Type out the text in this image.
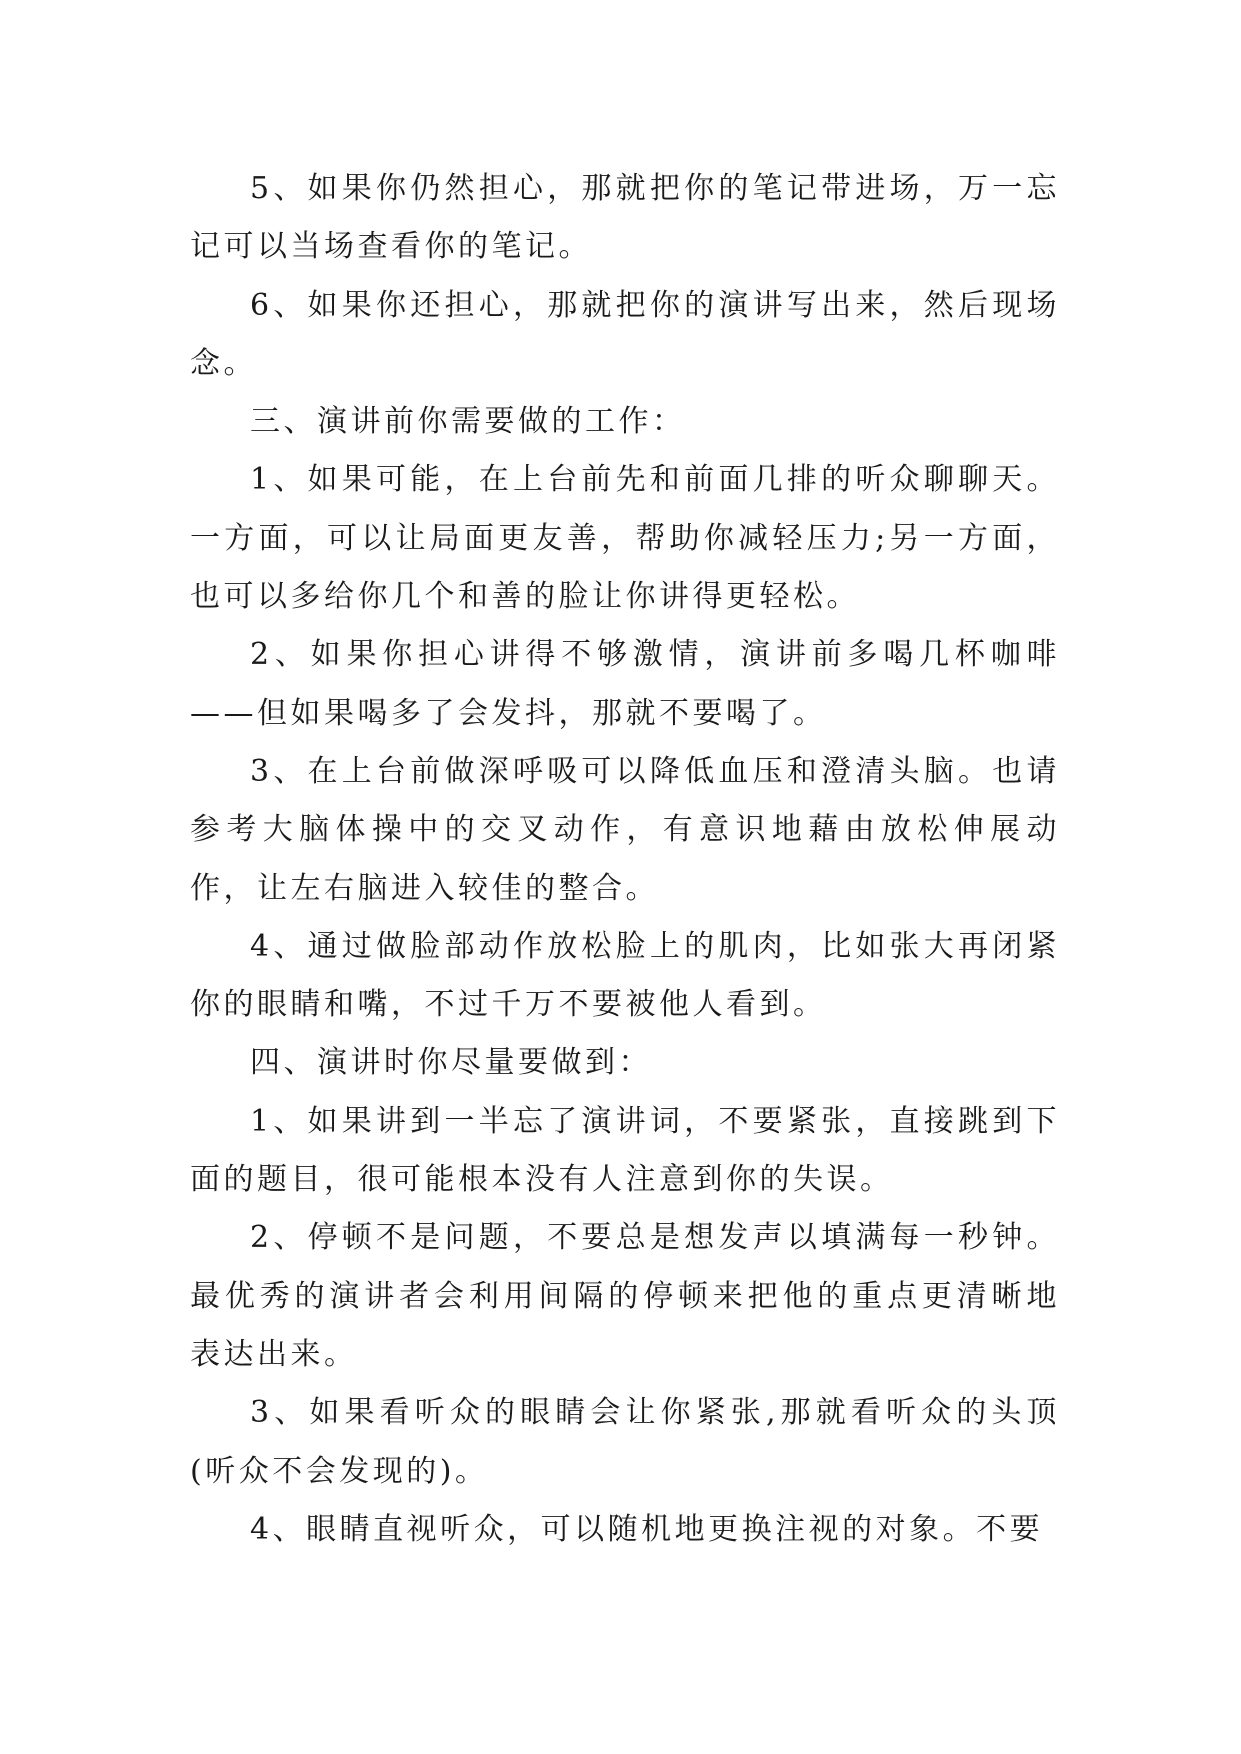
5、如果你仍然担心，那就把你的笔记带进场，万一忘记可以当场查看你的笔记。

6、如果你还担心，那就把你的演讲写出来，然后现场念。

三、演讲前你需要做的工作：

1、如果可能，在上台前先和前面几排的听众聊聊天。一方面，可以让局面更友善，帮助你减轻压力;另一方面，也可以多给你几个和善的脸让你讲得更轻松。

2、如果你担心讲得不够激情，演讲前多喝几杯咖啡——但如果喝多了会发抖，那就不要喝了。

3、在上台前做深呼吸可以降低血压和澄清头脑。也请参考大脑体操中的交叉动作，有意识地藉由放松伸展动作，让左右脑进入较佳的整合。

4、通过做脸部动作放松脸上的肌肉，比如张大再闭紧你的眼睛和嘴，不过千万不要被他人看到。

四、演讲时你尽量要做到：

1、如果讲到一半忘了演讲词，不要紧张，直接跳到下面的题目，很可能根本没有人注意到你的失误。

2、停顿不是问题，不要总是想发声以填满每一秒钟。最优秀的演讲者会利用间隔的停顿来把他的重点更清晰地表达出来。

3、如果看听众的眼睛会让你紧张,那就看听众的头顶(听众不会发现的)。

4、眼睛直视听众，可以随机地更换注视的对象。不要
